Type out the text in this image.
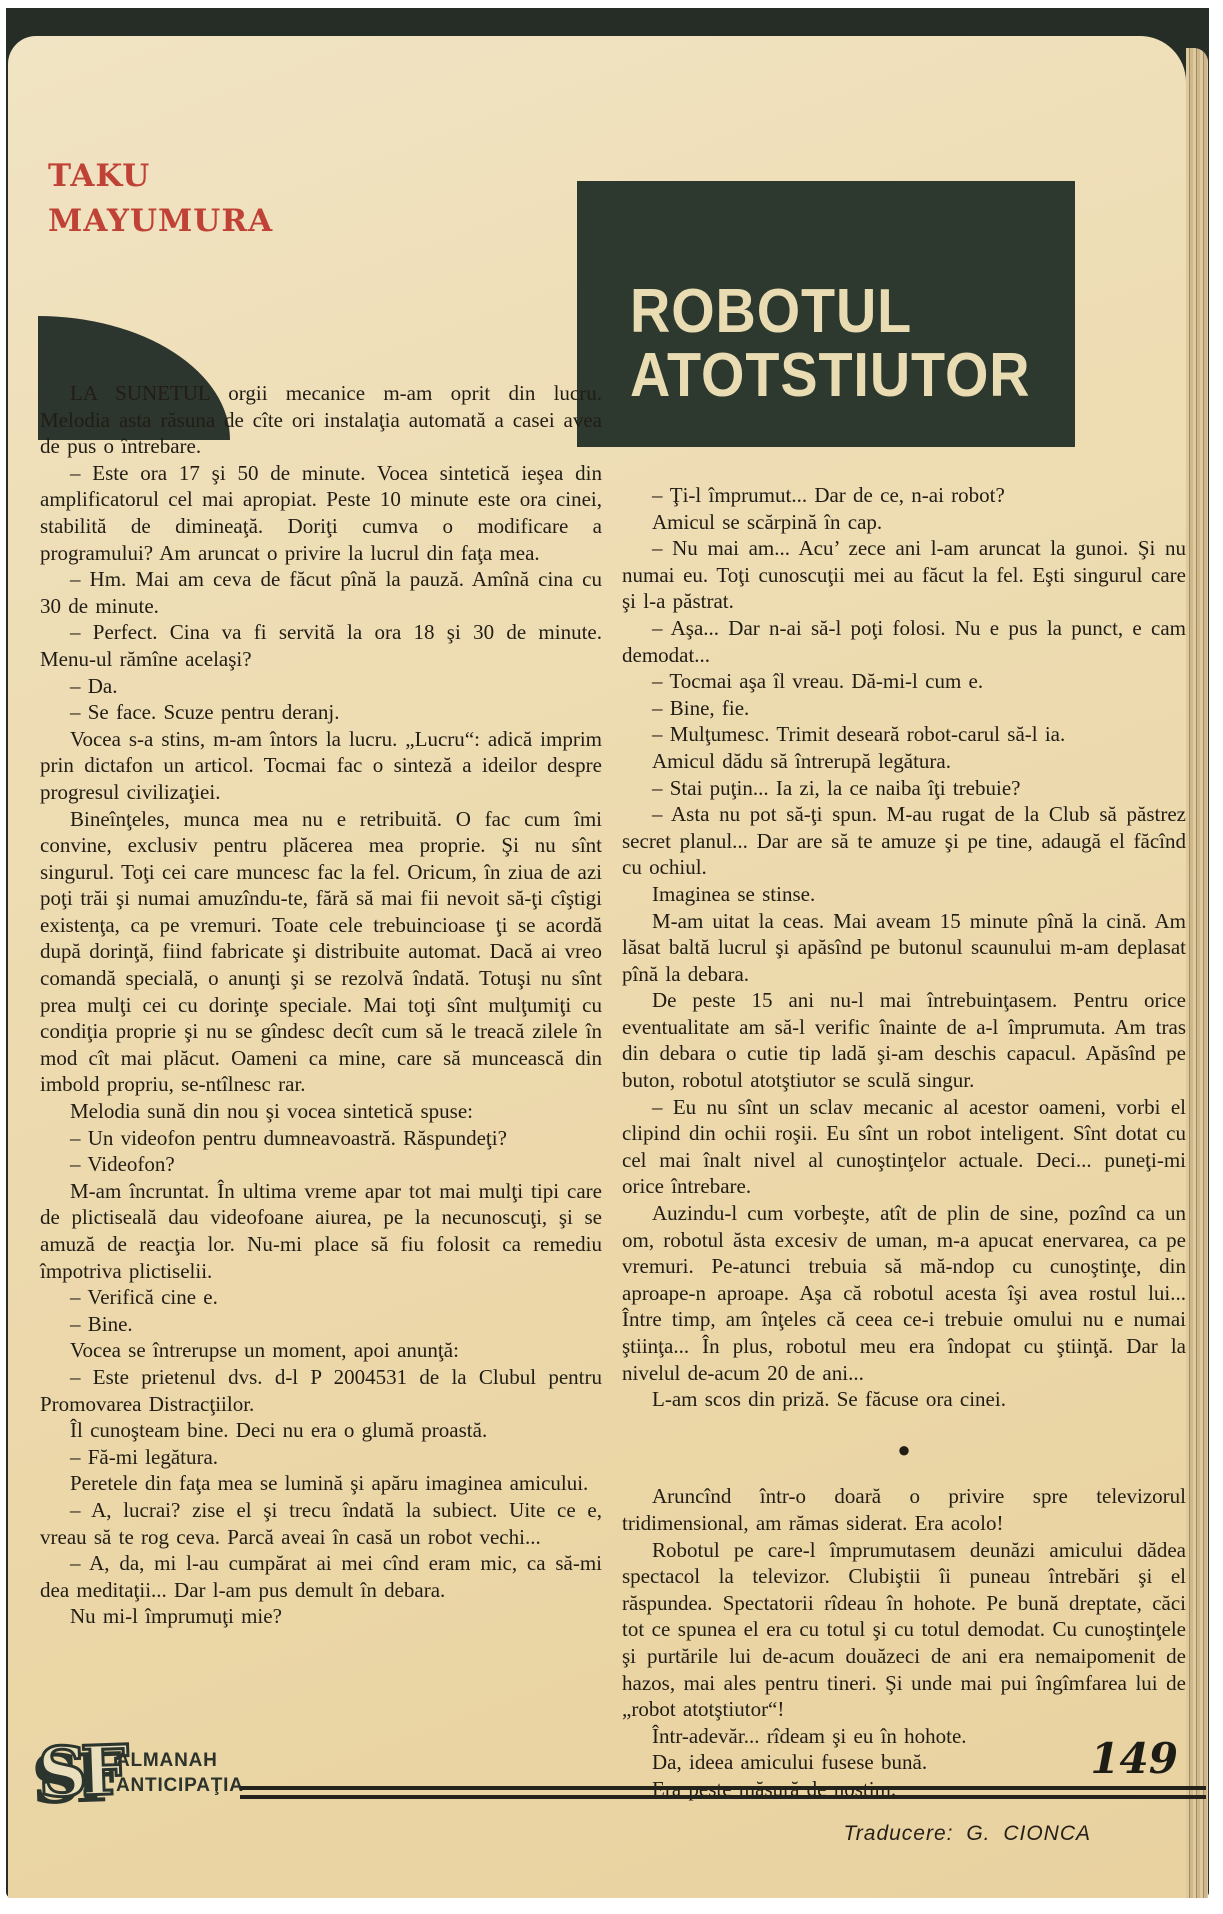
TAKU
MAYUMURA
ROBOTUL
ATOTSTIUTOR

LA SUNETUL orgii mecanice m-am oprit din lucru. Melodia asta răsuna de cîte ori instalaţia automată a casei avea de pus o întrebare.

– Este ora 17 şi 50 de minute. Vocea sintetică ieşea din amplificatorul cel mai apropiat. Peste 10 minute este ora cinei, stabilită de dimineaţă. Doriţi cumva o modificare a programului? Am aruncat o privire la lucrul din faţa mea.

– Hm. Mai am ceva de făcut pînă la pauză. Amînă cina cu 30 de minute.

– Perfect. Cina va fi servită la ora 18 şi 30 de minute. Menu-ul rămîne acelaşi?

– Da.

– Se face. Scuze pentru deranj.

Vocea s-a stins, m-am întors la lucru. „Lucru“: adică imprim prin dictafon un articol. Tocmai fac o sinteză a ideilor despre progresul civilizaţiei.

Bineînţeles, munca mea nu e retribuită. O fac cum îmi convine, exclusiv pentru plăcerea mea proprie. Şi nu sînt singurul. Toţi cei care muncesc fac la fel. Oricum, în ziua de azi poţi trăi şi numai amuzîndu-te, fără să mai fii nevoit să-ţi cîştigi existenţa, ca pe vremuri. Toate cele trebuincioase ţi se acordă după dorinţă, fiind fabricate şi distribuite automat. Dacă ai vreo comandă specială, o anunţi şi se rezolvă îndată. Totuşi nu sînt prea mulţi cei cu dorinţe speciale. Mai toţi sînt mulţumiţi cu condiţia proprie şi nu se gîndesc decît cum să le treacă zilele în mod cît mai plăcut. Oameni ca mine, care să muncească din imbold propriu, se-ntîlnesc rar.

Melodia sună din nou şi vocea sintetică spuse:

– Un videofon pentru dumneavoastră. Răspundeţi?

– Videofon?

M-am încruntat. În ultima vreme apar tot mai mulţi tipi care de plictiseală dau videofoane aiurea, pe la necunoscuţi, şi se amuză de reacţia lor. Nu-mi place să fiu folosit ca remediu împotriva plictiselii.

– Verifică cine e.

– Bine.

Vocea se întrerupse un moment, apoi anunţă:

– Este prietenul dvs. d-l P 2004531 de la Clubul pentru Promovarea Distracţiilor.

Îl cunoşteam bine. Deci nu era o glumă proastă.

– Fă-mi legătura.

Peretele din faţa mea se lumină şi apăru imaginea amicului.

– A, lucrai? zise el şi trecu îndată la subiect. Uite ce e, vreau să te rog ceva. Parcă aveai în casă un robot vechi...

– A, da, mi l-au cumpărat ai mei cînd eram mic, ca să-mi dea meditaţii... Dar l-am pus demult în debara.

Nu mi-l împrumuţi mie?

– Ţi-l împrumut... Dar de ce, n-ai robot?

Amicul se scărpină în cap.

– Nu mai am... Acu’ zece ani l-am aruncat la gunoi. Şi nu numai eu. Toţi cunoscuţii mei au făcut la fel. Eşti singurul care şi l-a păstrat.

– Aşa... Dar n-ai să-l poţi folosi. Nu e pus la punct, e cam demodat...

– Tocmai aşa îl vreau. Dă-mi-l cum e.

– Bine, fie.

– Mulţumesc. Trimit deseară robot-carul să-l ia.

Amicul dădu să întrerupă legătura.

– Stai puţin... Ia zi, la ce naiba îţi trebuie?

– Asta nu pot să-ţi spun. M-au rugat de la Club să păstrez secret planul... Dar are să te amuze şi pe tine, adaugă el făcînd cu ochiul.

Imaginea se stinse.

M-am uitat la ceas. Mai aveam 15 minute pînă la cină. Am lăsat baltă lucrul şi apăsînd pe butonul scaunului m-am deplasat pînă la debara.

De peste 15 ani nu-l mai întrebuinţasem. Pentru orice eventualitate am să-l verific înainte de a-l împrumuta. Am tras din debara o cutie tip ladă şi-am deschis capacul. Apăsînd pe buton, robotul atotştiutor se sculă singur.

– Eu nu sînt un sclav mecanic al acestor oameni, vorbi el clipind din ochii roşii. Eu sînt un robot inteligent. Sînt dotat cu cel mai înalt nivel al cunoştinţelor actuale. Deci... puneţi-mi orice întrebare.

Auzindu-l cum vorbeşte, atît de plin de sine, pozînd ca un om, robotul ăsta excesiv de uman, m-a apucat enervarea, ca pe vremuri. Pe-atunci trebuia să mă-ndop cu cunoştinţe, din aproape-n aproape. Aşa că robotul acesta îşi avea rostul lui... Între timp, am înţeles că ceea ce-i trebuie omului nu e numai ştiinţa... În plus, robotul meu era îndopat cu ştiinţă. Dar la nivelul de-acum 20 de ani...

L-am scos din priză. Se făcuse ora cinei.

●

Aruncînd într-o doară o privire spre televizorul tridimensional, am rămas siderat. Era acolo!

Robotul pe care-l împrumutasem deunăzi amicului dădea spectacol la televizor. Clubiştii îi puneau întrebări şi el răspundea. Spectatorii rîdeau în hohote. Pe bună dreptate, căci tot ce spunea el era cu totul şi cu totul demodat. Cu cunoştinţele şi purtările lui de-acum douăzeci de ani era nemaipomenit de hazos, mai ales pentru tineri. Şi unde mai pui îngîmfarea lui de „robot atotştiutor“!

Într-adevăr... rîdeam şi eu în hohote.

Da, ideea amicului fusese bună.

Era peste măsură de nostim.

Traducere: G. CIONCA

SF
ALMANAH
ANTICIPAŢIA
149
